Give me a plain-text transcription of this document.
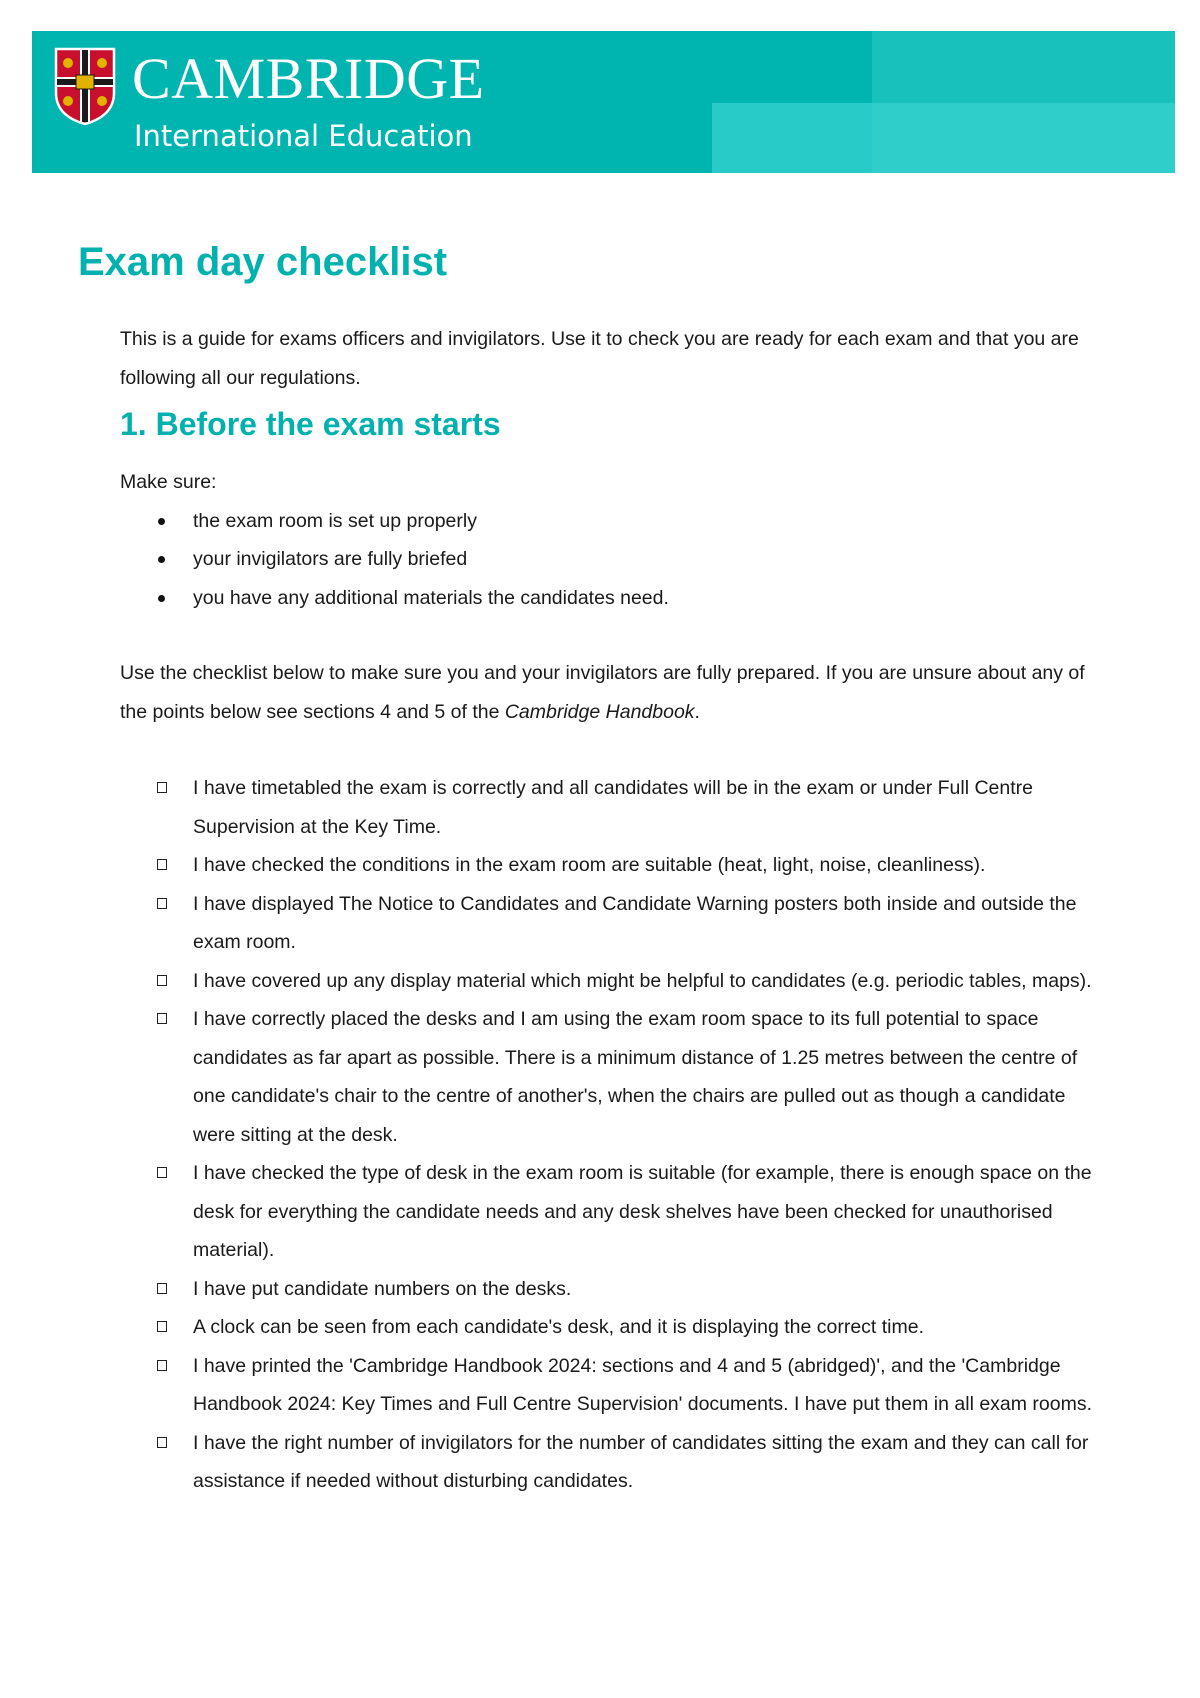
CAMBRIDGE

International Education

Exam day checklist

This is a guide for exams officers and invigilators. Use it to check you are ready for each exam and that you are following all our regulations.

1. Before the exam starts

Make sure:

the exam room is set up properly
your invigilators are fully briefed
you have any additional materials the candidates need.

Use the checklist below to make sure you and your invigilators are fully prepared. If you are unsure about any of the points below see sections 4 and 5 of the Cambridge Handbook.

I have timetabled the exam is correctly and all candidates will be in the exam or under Full Centre Supervision at the Key Time.
I have checked the conditions in the exam room are suitable (heat, light, noise, cleanliness).
I have displayed The Notice to Candidates and Candidate Warning posters both inside and outside the exam room.
I have covered up any display material which might be helpful to candidates (e.g. periodic tables, maps).
I have correctly placed the desks and I am using the exam room space to its full potential to space candidates as far apart as possible. There is a minimum distance of 1.25 metres between the centre of one candidate's chair to the centre of another's, when the chairs are pulled out as though a candidate were sitting at the desk.
I have checked the type of desk in the exam room is suitable (for example, there is enough space on the desk for everything the candidate needs and any desk shelves have been checked for unauthorised material).
I have put candidate numbers on the desks.
A clock can be seen from each candidate's desk, and it is displaying the correct time.
I have printed the 'Cambridge Handbook 2024: sections and 4 and 5 (abridged)', and the 'Cambridge Handbook 2024: Key Times and Full Centre Supervision' documents. I have put them in all exam rooms.
I have the right number of invigilators for the number of candidates sitting the exam and they can call for assistance if needed without disturbing candidates.
